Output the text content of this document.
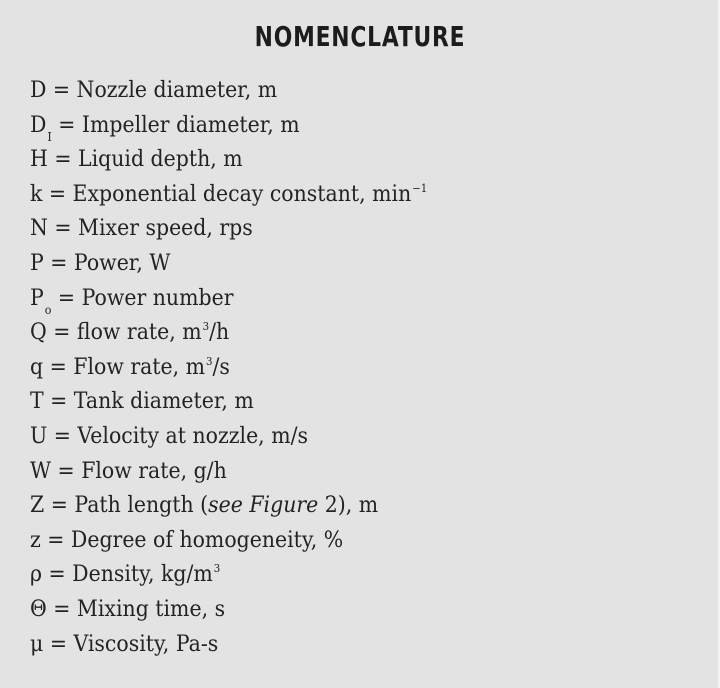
NOMENCLATURE
D = Nozzle diameter, m
$D_I$ = Impeller diameter, m
H = Liquid depth, m
k = Exponential decay constant, $\min^{-1}$
N = Mixer speed, rps
P = Power, W
$P_o$ = Power number
Q = flow rate, $m^3/h$
q = Flow rate, $m^3/s$
T = Tank diameter, m
U = Velocity at nozzle, m/s
W = Flow rate, g/h
Z = Path length (see Figure 2), m
z = Degree of homogeneity, %
ρ = Density, $kg/m^3$
Θ = Mixing time, s
μ = Viscosity, Pa-s
